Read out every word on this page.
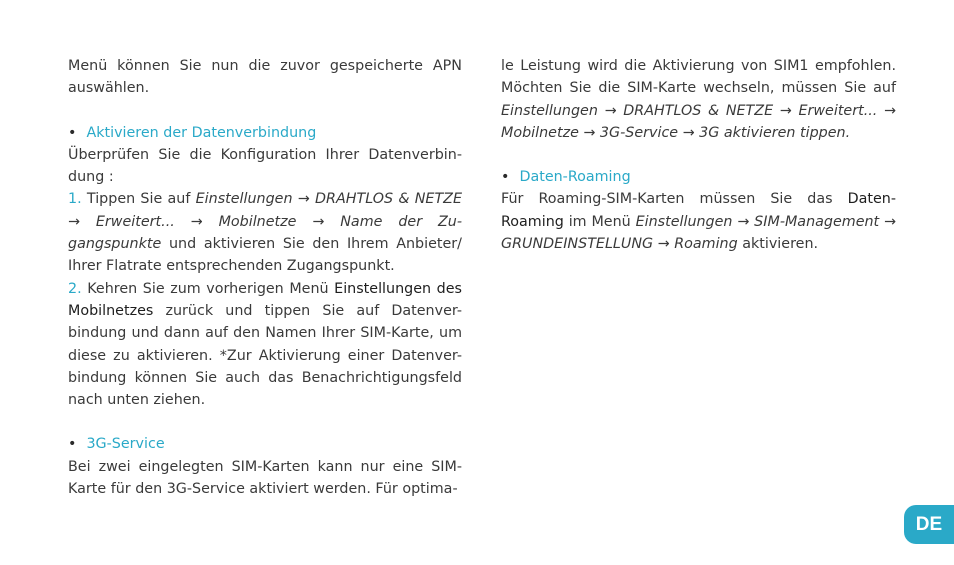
Menü können Sie nun die zuvor gespeicherte APN auswählen.

• Aktivieren der Datenverbindung

Überprüfen Sie die Konfiguration Ihrer Datenverbin-dung :

1. Tippen Sie auf Einstellungen → DRAHTLOS & NETZE → Erweitert... → Mobilnetze → Name der Zu-gangspunkte und aktivieren Sie den Ihrem Anbieter/ Ihrer Flatrate entsprechenden Zugangspunkt.

2. Kehren Sie zum vorherigen Menü Einstellungen des Mobilnetzes zurück und tippen Sie auf Datenver-bindung und dann auf den Namen Ihrer SIM-Karte, um diese zu aktivieren. *Zur Aktivierung einer Datenver-bindung können Sie auch das Benachrichtigungsfeld nach unten ziehen.

• 3G-Service

Bei zwei eingelegten SIM-Karten kann nur eine SIM-Karte für den 3G-Service aktiviert werden. Für optima-

le Leistung wird die Aktivierung von SIM1 empfohlen. Möchten Sie die SIM-Karte wechseln, müssen Sie auf Einstellungen → DRAHTLOS & NETZE → Erweitert... → Mobilnetze → 3G-Service → 3G aktivieren tippen.

• Daten-Roaming

Für Roaming-SIM-Karten müssen Sie das Daten-Roaming im Menü Einstellungen → SIM-Management → GRUNDEINSTELLUNG → Roaming aktivieren.

DE
